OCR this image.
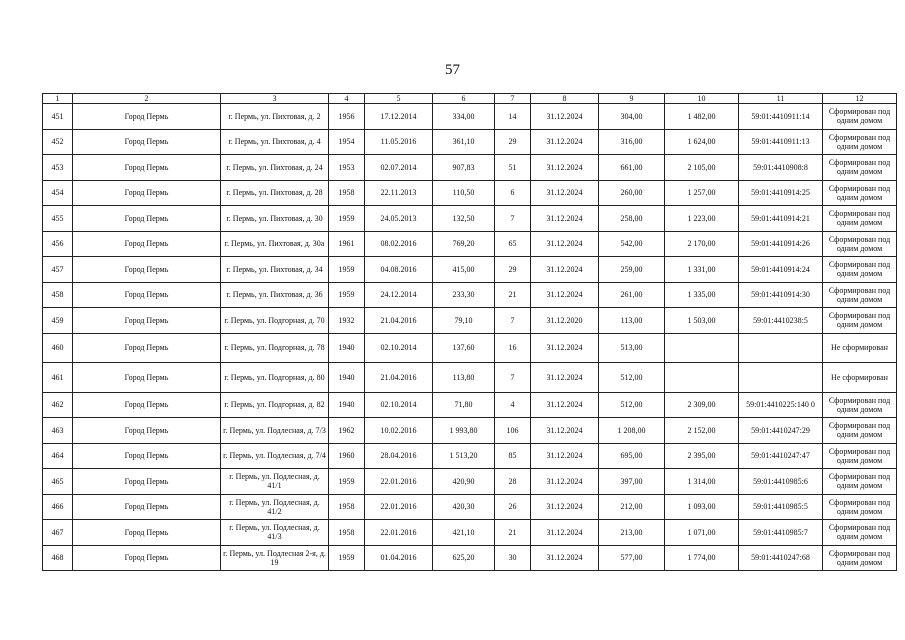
57
1	2	3	4	5	6	7	8	9	10	11	12
451	Город Пермь	г. Пермь, ул. Пихтовая, д. 2	1956	17.12.2014	334,00	14	31.12.2024	304,00	1 482,00	59:01:4410911:14	Сформирован под одним домом
452	Город Пермь	г. Пермь, ул. Пихтовая, д. 4	1954	11.05.2016	361,10	29	31.12.2024	316,00	1 624,00	59:01:4410911:13	Сформирован под одним домом
453	Город Пермь	г. Пермь, ул. Пихтовая, д. 24	1953	02.07.2014	907,83	51	31.12.2024	661,00	2 105,00	59:01:4410908:8	Сформирован под одним домом
454	Город Пермь	г. Пермь, ул. Пихтовая, д. 28	1958	22.11.2013	110,50	6	31.12.2024	260,00	1 257,00	59:01:4410914:25	Сформирован под одним домом
455	Город Пермь	г. Пермь, ул. Пихтовая, д. 30	1959	24.05.2013	132,50	7	31.12.2024	258,00	1 223,00	59:01:4410914:21	Сформирован под одним домом
456	Город Пермь	г. Пермь, ул. Пихтовая, д. 30а	1961	08.02.2016	769,20	65	31.12.2024	542,00	2 170,00	59:01:4410914:26	Сформирован под одним домом
457	Город Пермь	г. Пермь, ул. Пихтовая, д. 34	1959	04.08.2016	415,00	29	31.12.2024	259,00	1 331,00	59:01:4410914:24	Сформирован под одним домом
458	Город Пермь	г. Пермь, ул. Пихтовая, д. 36	1959	24.12.2014	233,30	21	31.12.2024	261,00	1 335,00	59:01:4410914:30	Сформирован под одним домом
459	Город Пермь	г. Пермь, ул. Подгорная, д. 70	1932	21.04.2016	79,10	7	31.12.2020	113,00	1 503,00	59:01:4410238:5	Сформирован под одним домом
460	Город Пермь	г. Пермь, ул. Подгорная, д. 78	1940	02.10.2014	137,60	16	31.12.2024	513,00			Не сформирован
461	Город Пермь	г. Пермь, ул. Подгорная, д. 80	1940	21.04.2016	113,80	7	31.12.2024	512,00			Не сформирован
462	Город Пермь	г. Пермь, ул. Подгорная, д. 82	1940	02.10.2014	71,80	4	31.12.2024	512,00	2 309,00	59:01:4410225:140 0	Сформирован под одним домом
463	Город Пермь	г. Пермь, ул. Подлесная, д. 7/3	1962	10.02.2016	1 993,80	106	31.12.2024	1 208,00	2 152,00	59:01:4410247:29	Сформирован под одним домом
464	Город Пермь	г. Пермь, ул. Подлесная, д. 7/4	1960	28.04.2016	1 513,20	85	31.12.2024	695,00	2 395,00	59:01:4410247:47	Сформирован под одним домом
465	Город Пермь	г. Пермь, ул. Подлесная, д. 41/1	1959	22.01.2016	420,90	28	31.12.2024	397,00	1 314,00	59:01:4410985:6	Сформирован под одним домом
466	Город Пермь	г. Пермь, ул. Подлесная, д. 41/2	1958	22.01.2016	420,30	26	31.12.2024	212,00	1 093,00	59:01:4410985:5	Сформирован под одним домом
467	Город Пермь	г. Пермь, ул. Подлесная, д. 41/3	1958	22.01.2016	421,10	21	31.12.2024	213,00	1 071,00	59:01:4410985:7	Сформирован под одним домом
468	Город Пермь	г. Пермь, ул. Подлесная 2-я, д. 19	1959	01.04.2016	625,20	30	31.12.2024	577,00	1 774,00	59:01:4410247:68	Сформирован под одним домом
